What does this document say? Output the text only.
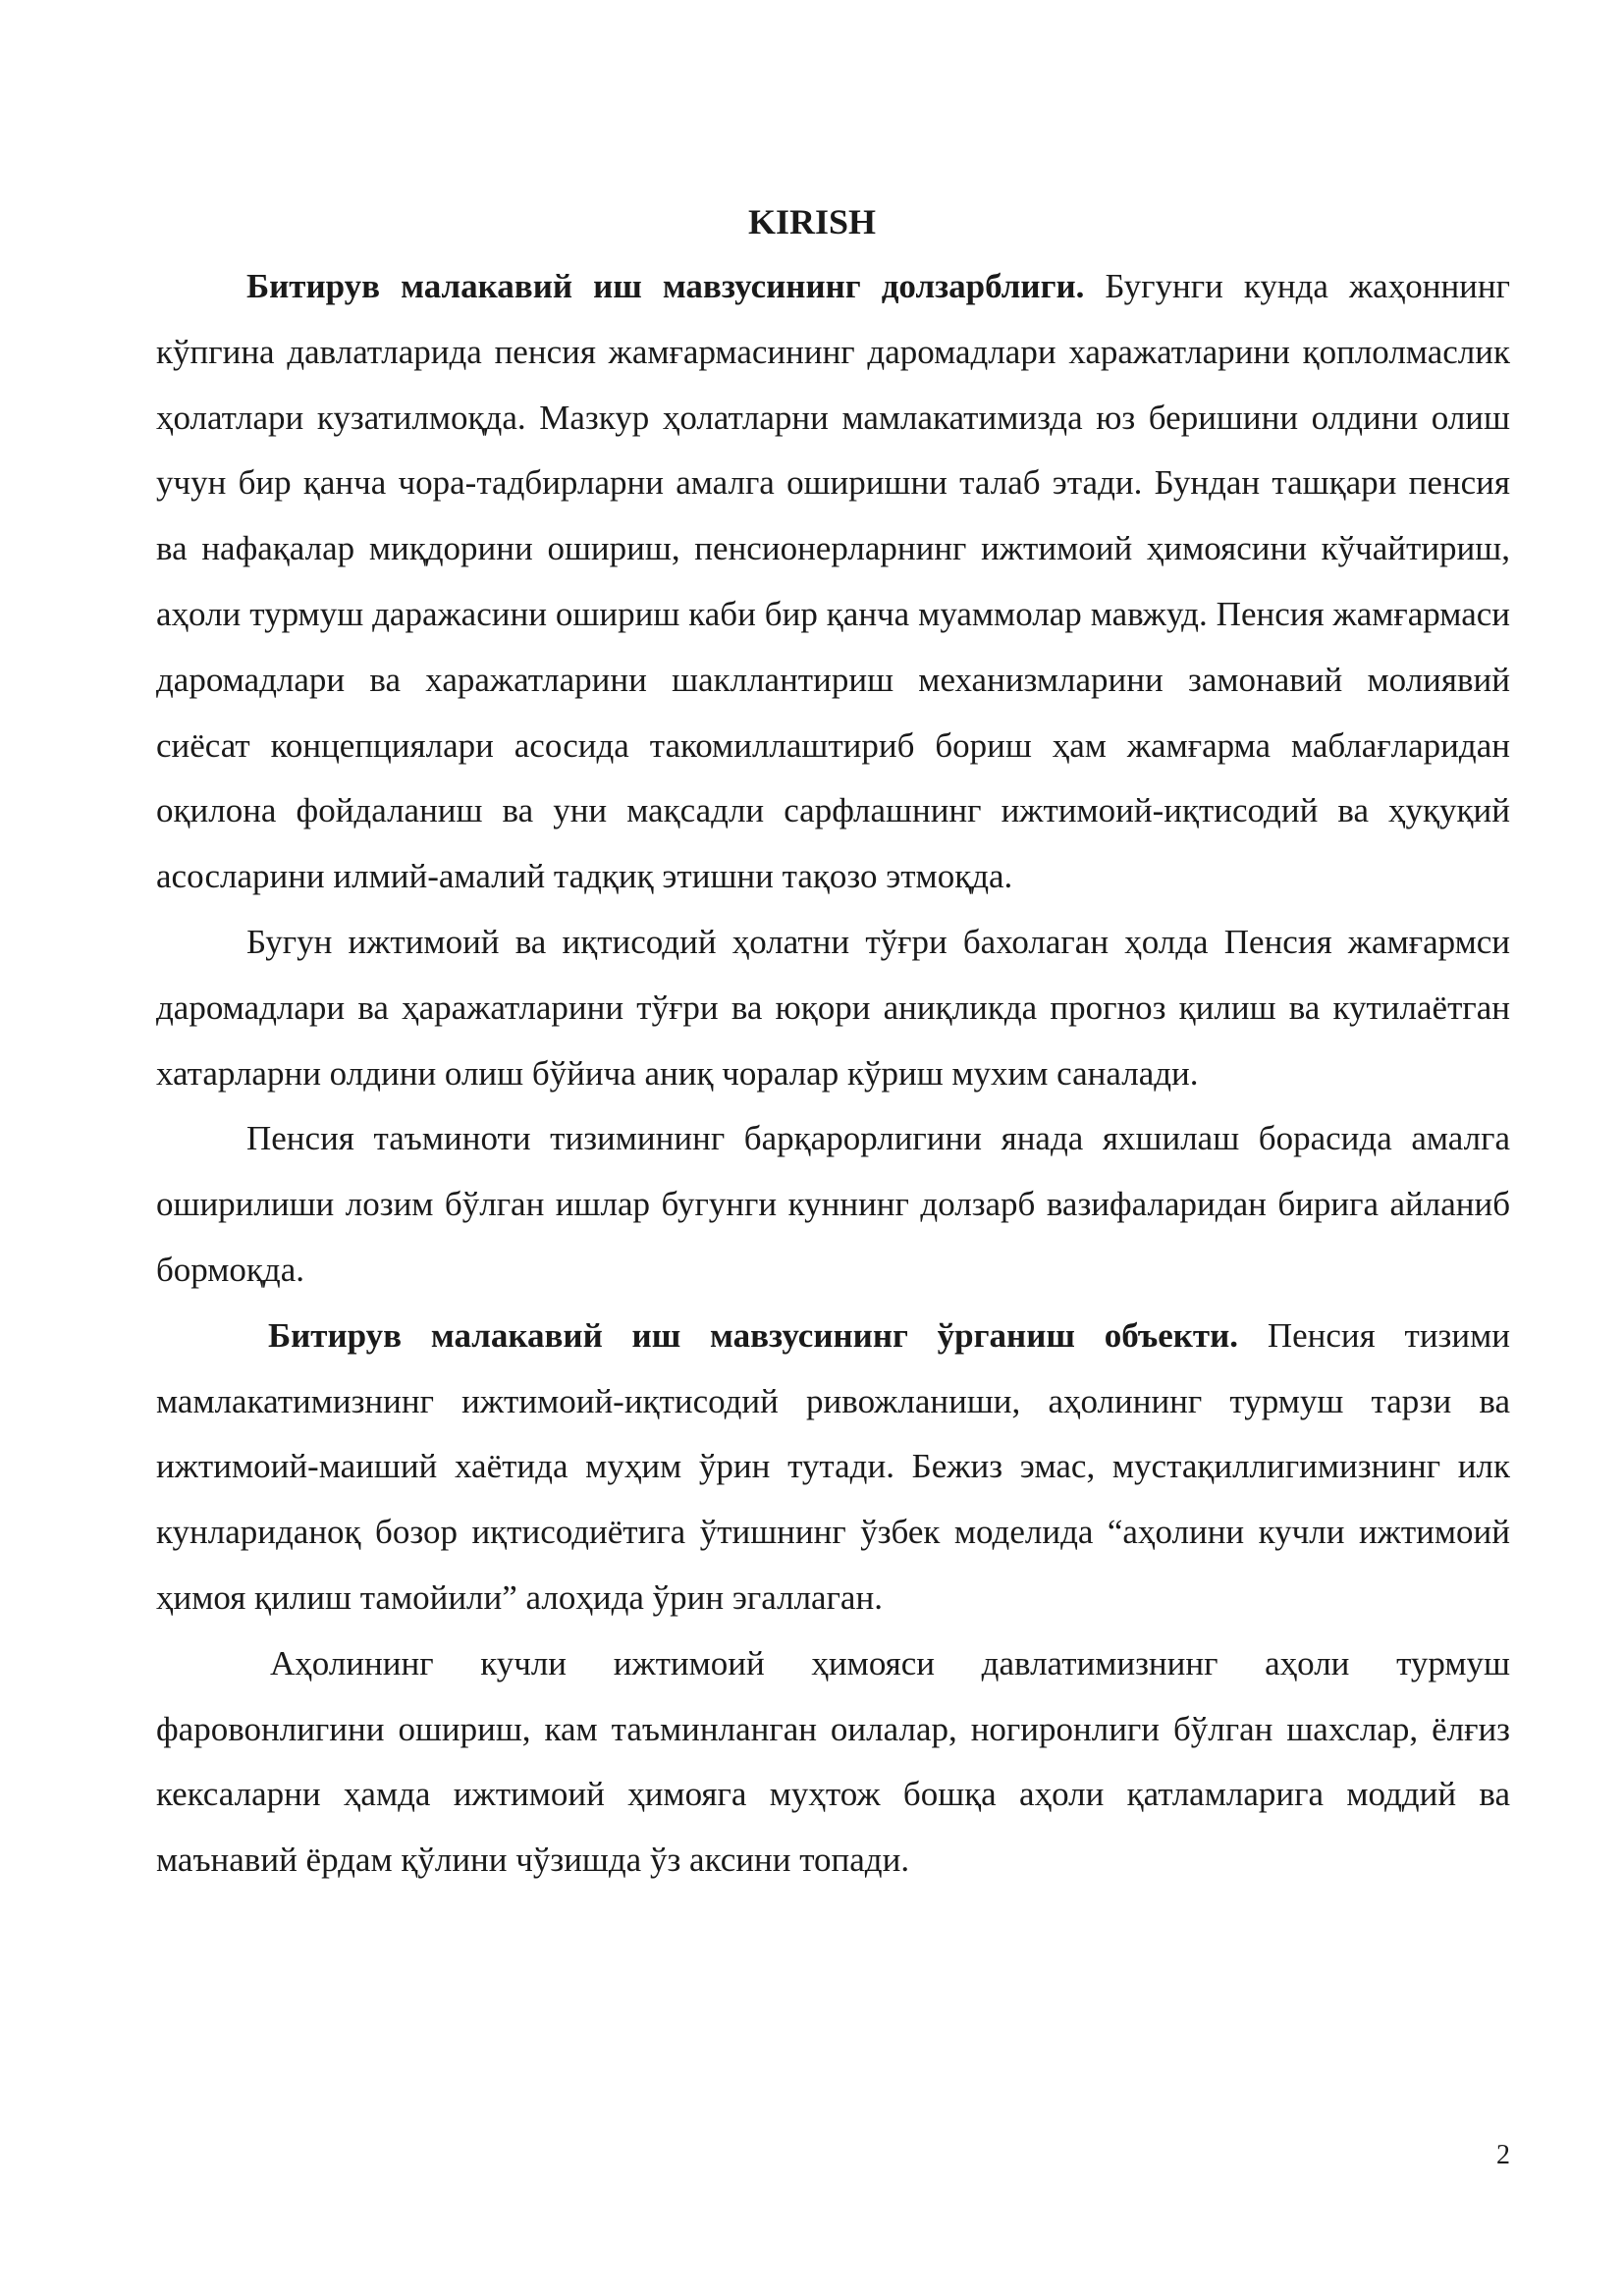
KIRISH

Битирув малакавий иш мавзусининг долзарблиги. Бугунги кунда жаҳоннинг кўпгина давлатларида пенсия жамғармасининг даромадлари харажатларини қоплолмаслик ҳолатлари кузатилмоқда. Мазкур ҳолатларни мамлакатимизда юз беришини олдини олиш учун бир қанча чора-тадбирларни амалга оширишни талаб этади. Бундан ташқари пенсия ва нафақалар миқдорини ошириш, пенсионерларнинг ижтимоий ҳимоясини кўчайтириш, аҳоли турмуш даражасини ошириш каби бир қанча муаммолар мавжуд. Пенсия жамғармаси даромадлари ва харажатларини шакллантириш механизмларини замонавий молиявий сиёсат концепциялари асосида такомиллаштириб бориш ҳам жамғарма маблағларидан оқилона фойдаланиш ва уни мақсадли сарфлашнинг ижтимоий-иқтисодий ва ҳуқуқий асосларини илмий-амалий тадқиқ этишни тақозо этмоқда.

Бугун ижтимоий ва иқтисодий ҳолатни тўғри бахолаган ҳолда Пенсия жамғармси даромадлари ва ҳаражатларини тўғри ва юқори аниқликда прогноз қилиш ва кутилаётган хатарларни олдини олиш бўйича аниқ чоралар кўриш мухим саналади.

Пенсия таъминоти тизимининг барқарорлигини янада яхшилаш борасида амалга оширилиши лозим бўлган ишлар бугунги куннинг долзарб вазифаларидан бирига айланиб бормоқда.

Битирув малакавий иш мавзусининг ўрганиш объекти. Пенсия тизими мамлакатимизнинг ижтимоий-иқтисодий ривожланиши, аҳолининг турмуш тарзи ва ижтимоий-маиший хаётида муҳим ўрин тутади. Бежиз эмас, мустақиллигимизнинг илк кунлариданоқ бозор иқтисодиётига ўтишнинг ўзбек моделида “аҳолини кучли ижтимоий ҳимоя қилиш тамойили” алоҳида ўрин эгаллаган.

Аҳолининг кучли ижтимоий ҳимояси давлатимизнинг аҳоли турмуш фаровонлигини ошириш, кам таъминланган оилалар, ногиронлиги бўлган шахслар, ёлғиз кексаларни ҳамда ижтимоий ҳимояга муҳтож бошқа аҳоли қатламларига моддий ва маънавий ёрдам қўлини чўзишда ўз аксини топади.

2
